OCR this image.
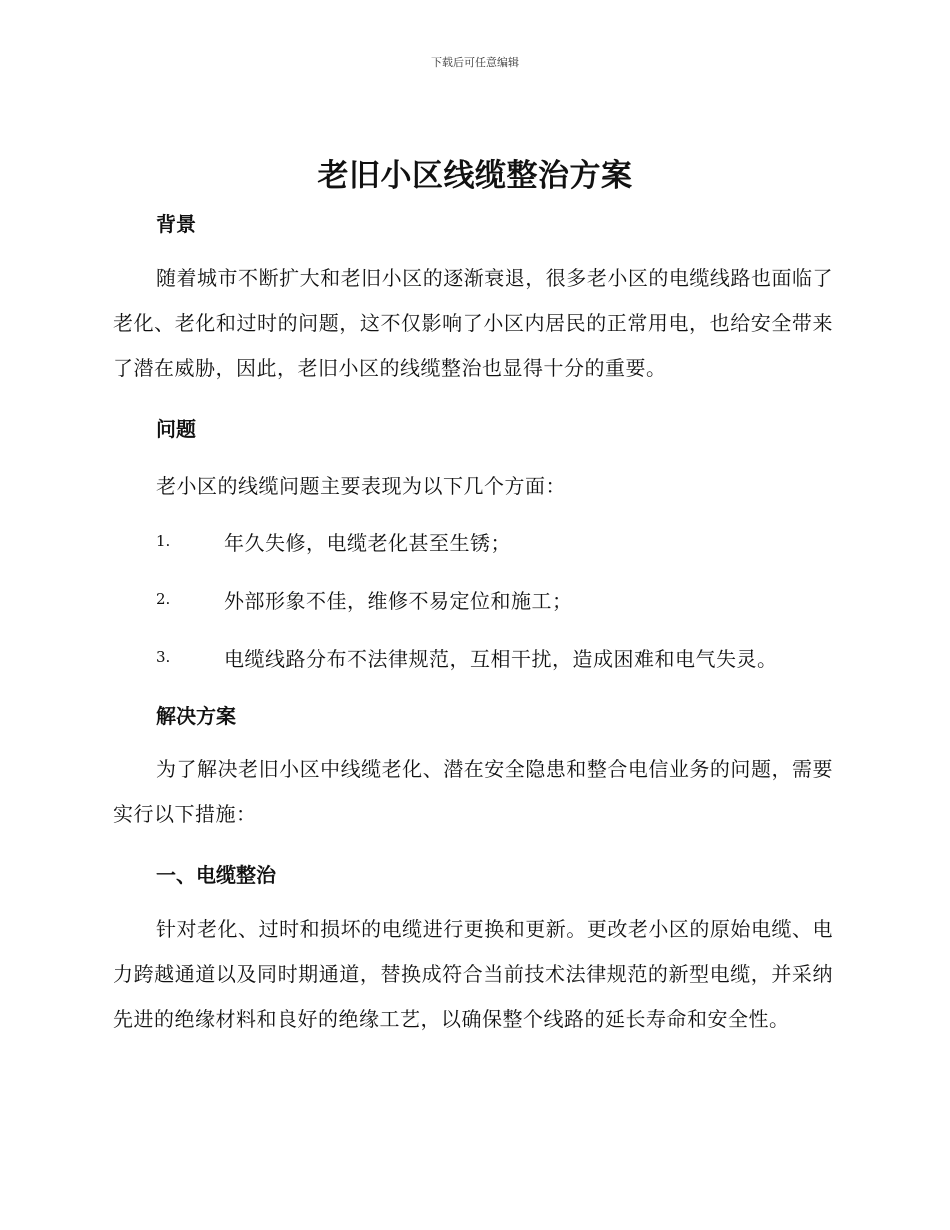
下载后可任意编辑
老旧小区线缆整治方案
背景

随着城市不断扩大和老旧小区的逐渐衰退，很多老小区的电缆线路也面临了老化、老化和过时的问题，这不仅影响了小区内居民的正常用电，也给安全带来了潜在威胁，因此，老旧小区的线缆整治也显得十分的重要。

问题

老小区的线缆问题主要表现为以下几个方面：

1.	年久失修，电缆老化甚至生锈；
2.	外部形象不佳，维修不易定位和施工；
3.	电缆线路分布不法律规范，互相干扰，造成困难和电气失灵。
解决方案

为了解决老旧小区中线缆老化、潜在安全隐患和整合电信业务的问题，需要实行以下措施：

一、电缆整治

针对老化、过时和损坏的电缆进行更换和更新。更改老小区的原始电缆、电力跨越通道以及同时期通道，替换成符合当前技术法律规范的新型电缆，并采纳先进的绝缘材料和良好的绝缘工艺，以确保整个线路的延长寿命和安全性。
